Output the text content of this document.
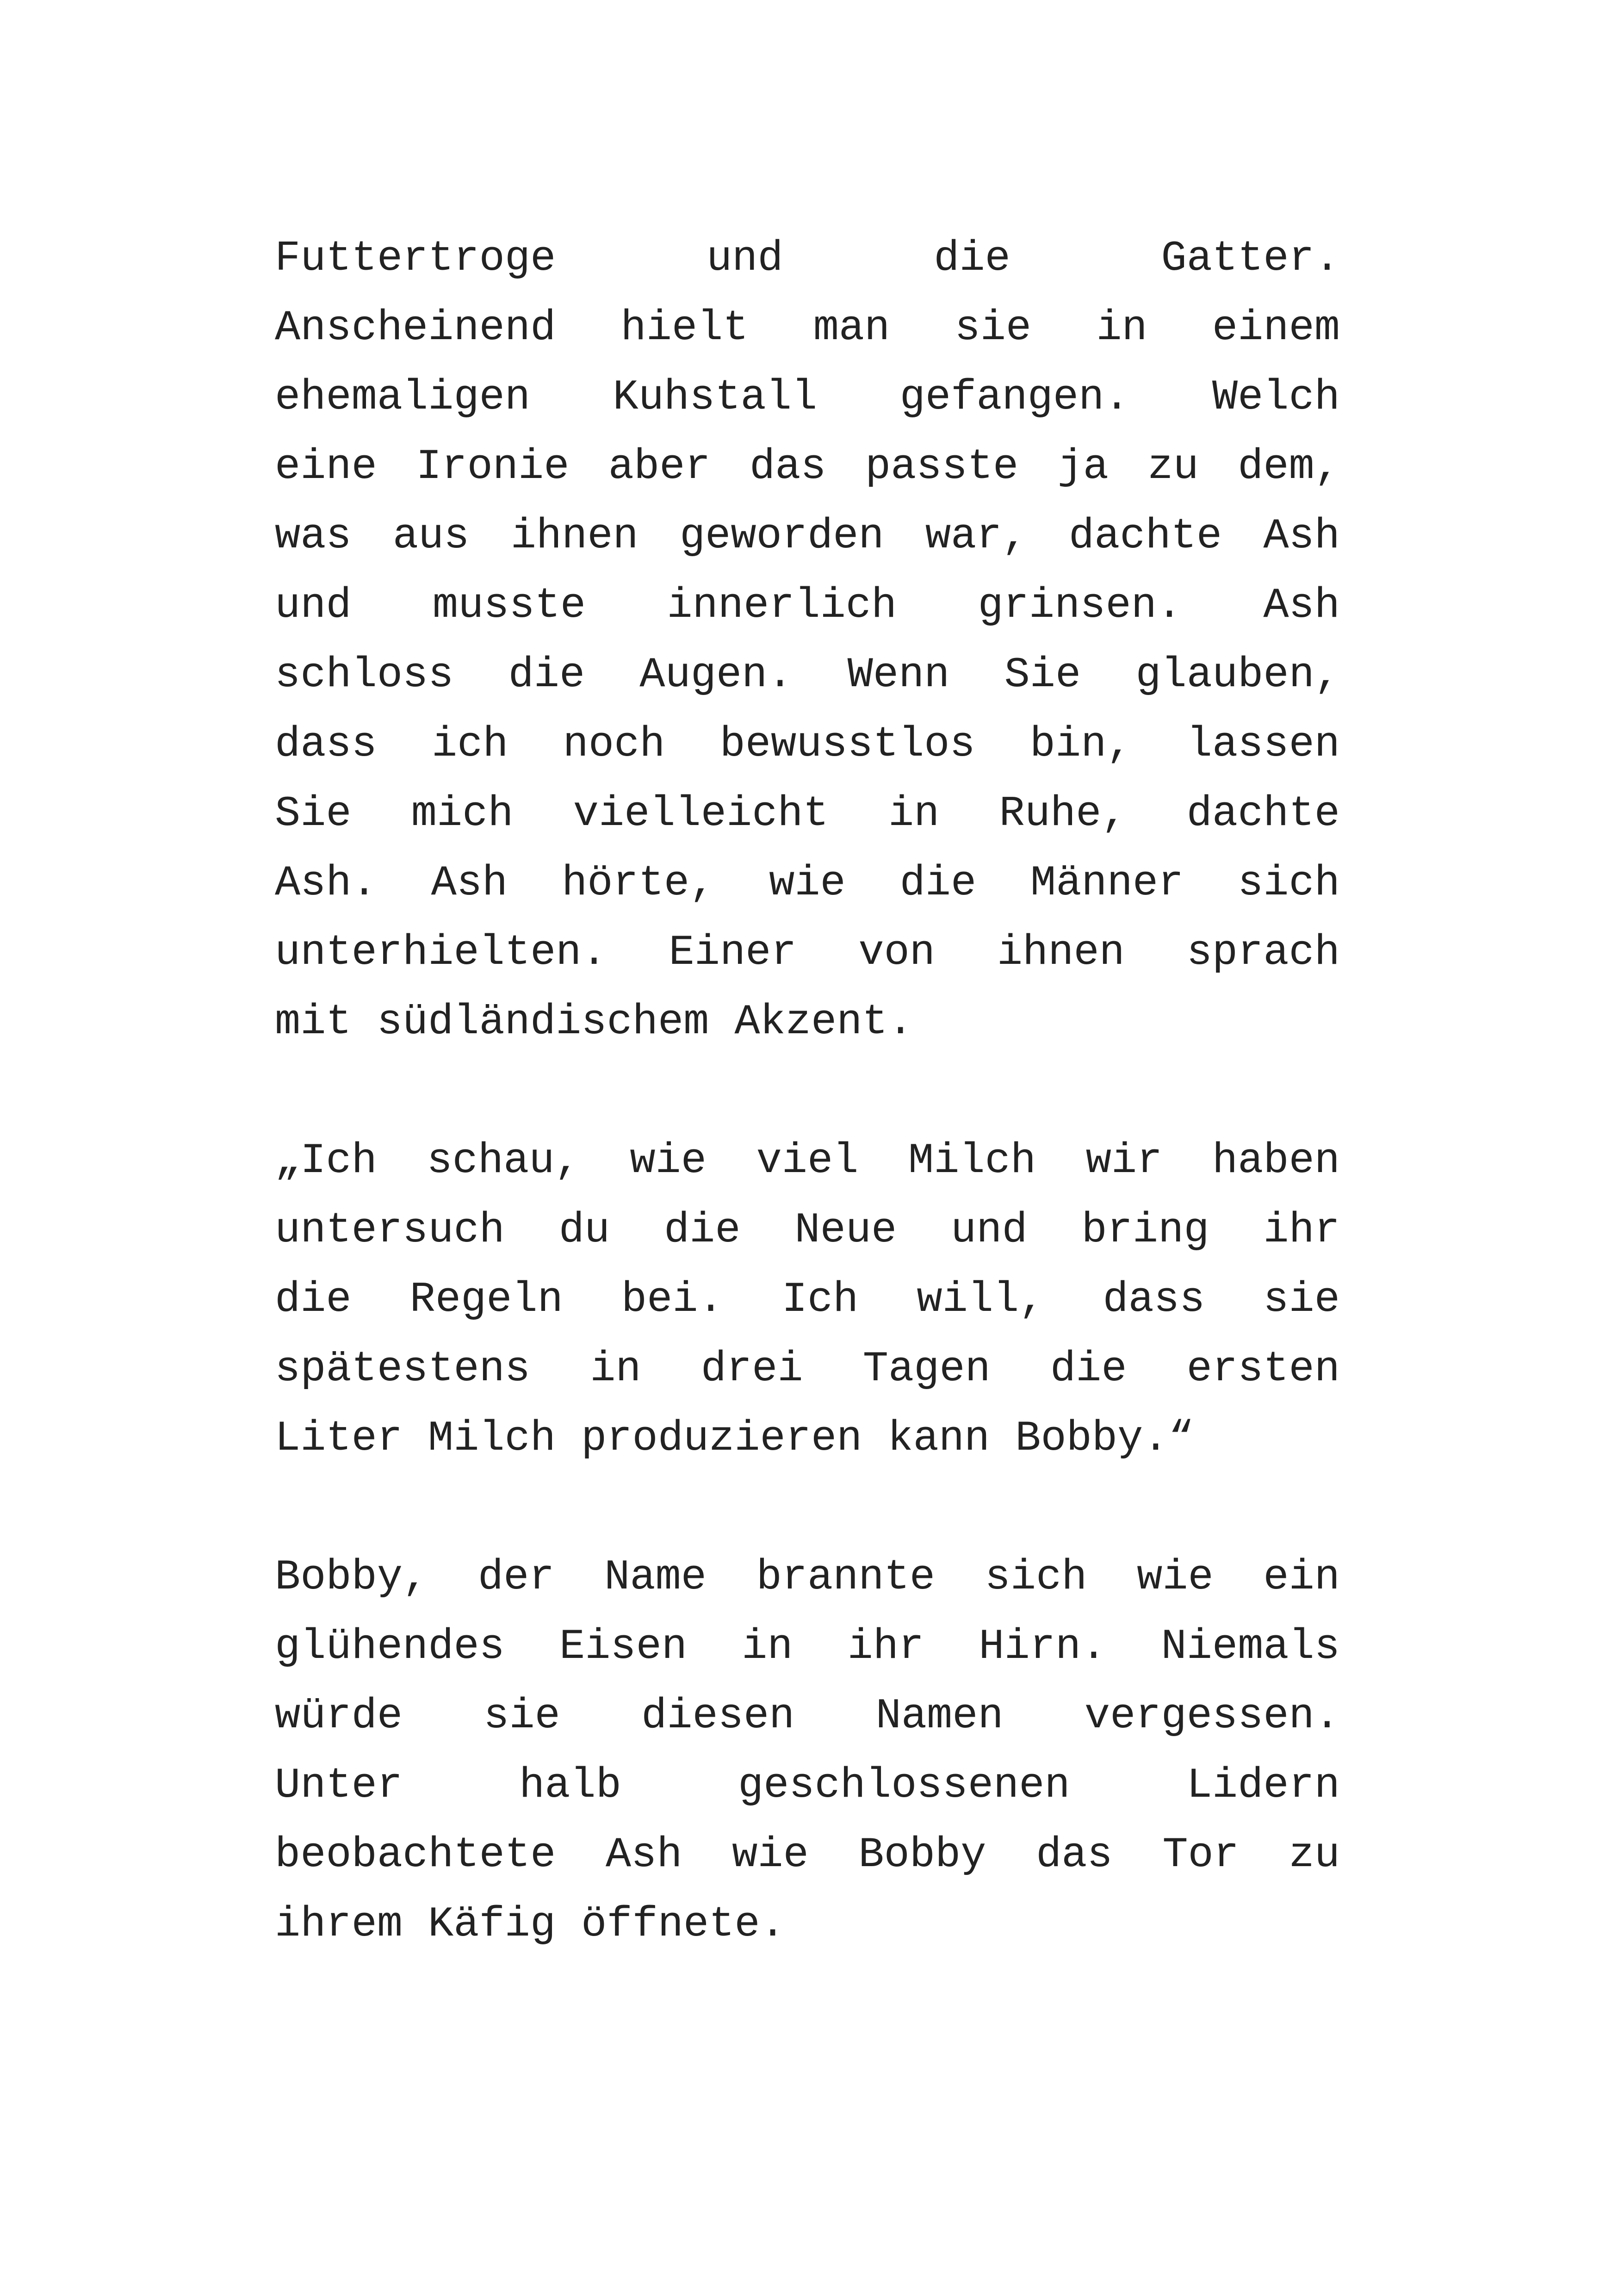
Futtertroge	und	die	Gatter.
Anscheinend hielt man sie in einem
ehemaligen Kuhstall gefangen. Welch
eine Ironie aber das passte ja zu dem,
was aus ihnen geworden war, dachte Ash
und musste innerlich grinsen. Ash
schloss die Augen. Wenn Sie glauben,
dass ich noch bewusstlos bin, lassen
Sie mich vielleicht in Ruhe, dachte
Ash. Ash hörte, wie die Männer sich
unterhielten. Einer von ihnen sprach
mit südländischem Akzent.
„Ich schau, wie viel Milch wir haben
untersuch du die Neue und bring ihr
die Regeln bei. Ich will, dass sie
spätestens in drei Tagen die ersten
Liter Milch produzieren kann Bobby.“
Bobby, der Name brannte sich wie ein
glühendes Eisen in ihr Hirn. Niemals
würde sie diesen Namen vergessen.
Unter	halb	geschlossenen	Lidern
beobachtete Ash wie Bobby das Tor zu
ihrem Käfig öffnete.
